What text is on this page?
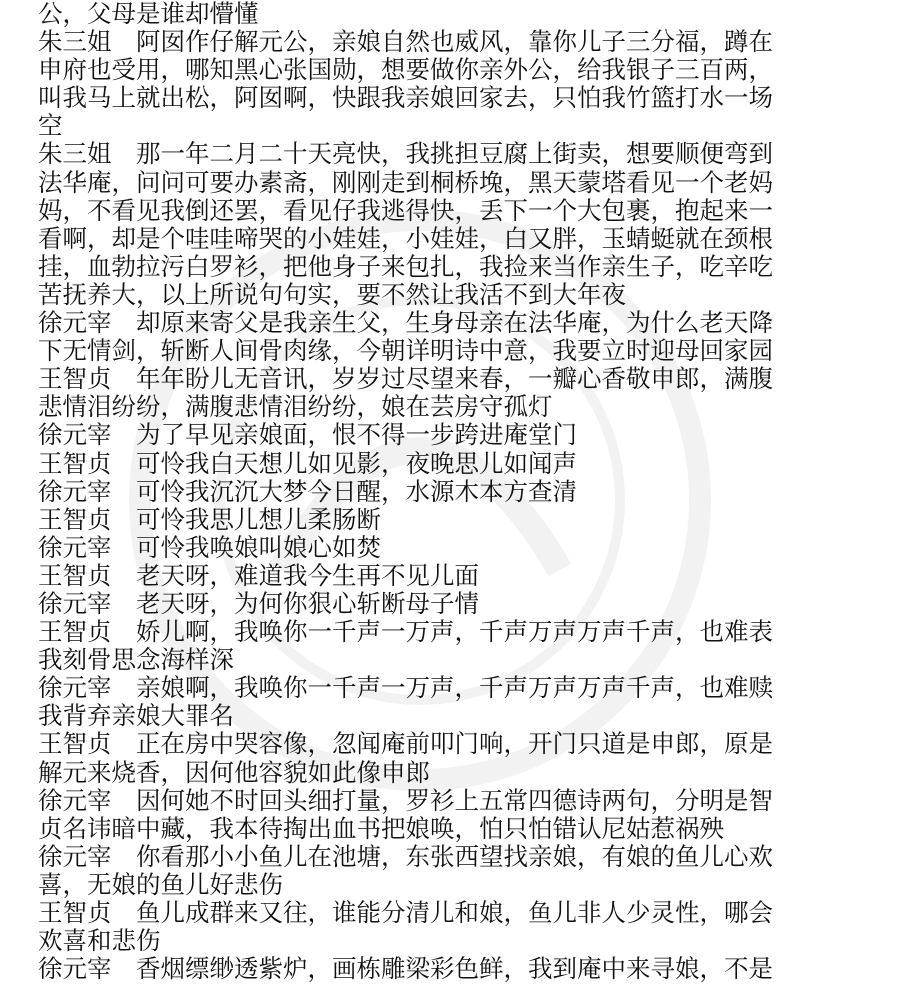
公，父母是谁却懵懂
朱三姐　阿囡作仔解元公，亲娘自然也威风，靠你儿子三分福，蹲在
申府也受用，哪知黑心张国勋，想要做你亲外公，给我银子三百两，
叫我马上就出松，阿囡啊，快跟我亲娘回家去，只怕我竹篮打水一场
空
朱三姐　那一年二月二十天亮快，我挑担豆腐上街卖，想要顺便弯到
法华庵，问问可要办素斋，刚刚走到桐桥堍，黑天蒙塔看见一个老妈
妈，不看见我倒还罢，看见仔我逃得快，丢下一个大包裹，抱起来一
看啊，却是个哇哇啼哭的小娃娃，小娃娃，白又胖，玉蜻蜓就在颈根
挂，血勃拉污白罗衫，把他身子来包扎，我捡来当作亲生子，吃辛吃
苦抚养大，以上所说句句实，要不然让我活不到大年夜
徐元宰　却原来寄父是我亲生父，生身母亲在法华庵，为什么老天降
下无情剑，斩断人间骨肉缘，今朝详明诗中意，我要立时迎母回家园
王智贞　年年盼儿无音讯，岁岁过尽望来春，一瓣心香敬申郎，满腹
悲情泪纷纷，满腹悲情泪纷纷，娘在芸房守孤灯
徐元宰　为了早见亲娘面，恨不得一步跨进庵堂门
王智贞　可怜我白天想儿如见影，夜晚思儿如闻声
徐元宰　可怜我沉沉大梦今日醒，水源木本方查清
王智贞　可怜我思儿想儿柔肠断
徐元宰　可怜我唤娘叫娘心如焚
王智贞　老天呀，难道我今生再不见儿面
徐元宰　老天呀，为何你狠心斩断母子情
王智贞　娇儿啊，我唤你一千声一万声，千声万声万声千声，也难表
我刻骨思念海样深
徐元宰　亲娘啊，我唤你一千声一万声，千声万声万声千声，也难赎
我背弃亲娘大罪名
王智贞　正在房中哭容像，忽闻庵前叩门响，开门只道是申郎，原是
解元来烧香，因何他容貌如此像申郎
徐元宰　因何她不时回头细打量，罗衫上五常四德诗两句，分明是智
贞名讳暗中藏，我本待掏出血书把娘唤，怕只怕错认尼姑惹祸殃
徐元宰　你看那小小鱼儿在池塘，东张西望找亲娘，有娘的鱼儿心欢
喜，无娘的鱼儿好悲伤
王智贞　鱼儿成群来又往，谁能分清儿和娘，鱼儿非人少灵性，哪会
欢喜和悲伤
徐元宰　香烟缥缈透紫炉，画栋雕梁彩色鲜，我到庵中来寻娘，不是
